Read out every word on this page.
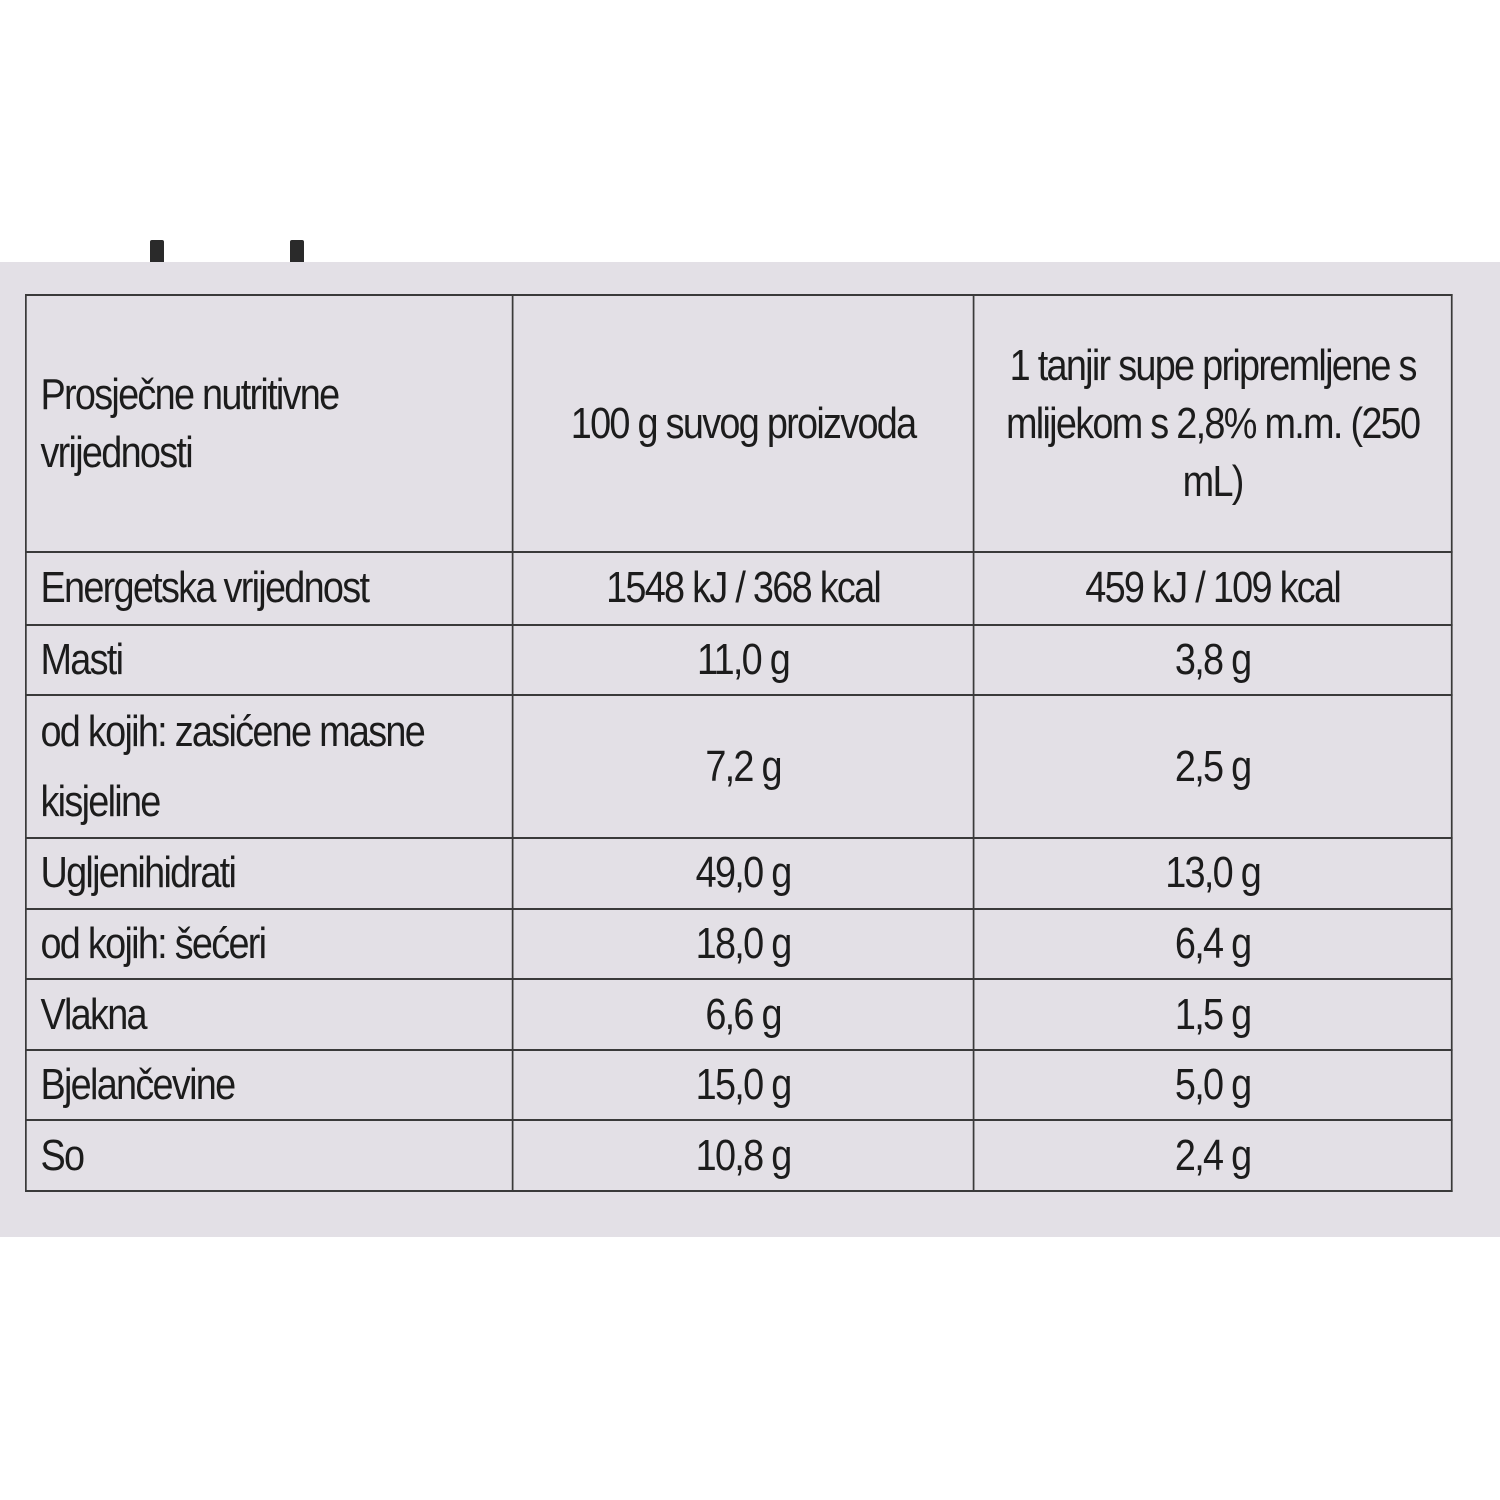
Prosječne nutritivne vrijednosti	100 g suvog proizvoda	1 tanjir supe pripremljene s mlijekom s 2,8% m.m. (250 mL)
Energetska vrijednost	1548 kJ / 368 kcal	459 kJ / 109 kcal
Masti	11,0 g	3,8 g
od kojih: zasićene masne kisjeline	7,2 g	2,5 g
Ugljenihidrati	49,0 g	13,0 g
od kojih: šećeri	18,0 g	6,4 g
Vlakna	6,6 g	1,5 g
Bjelančevine	15,0 g	5,0 g
So	10,8 g	2,4 g
